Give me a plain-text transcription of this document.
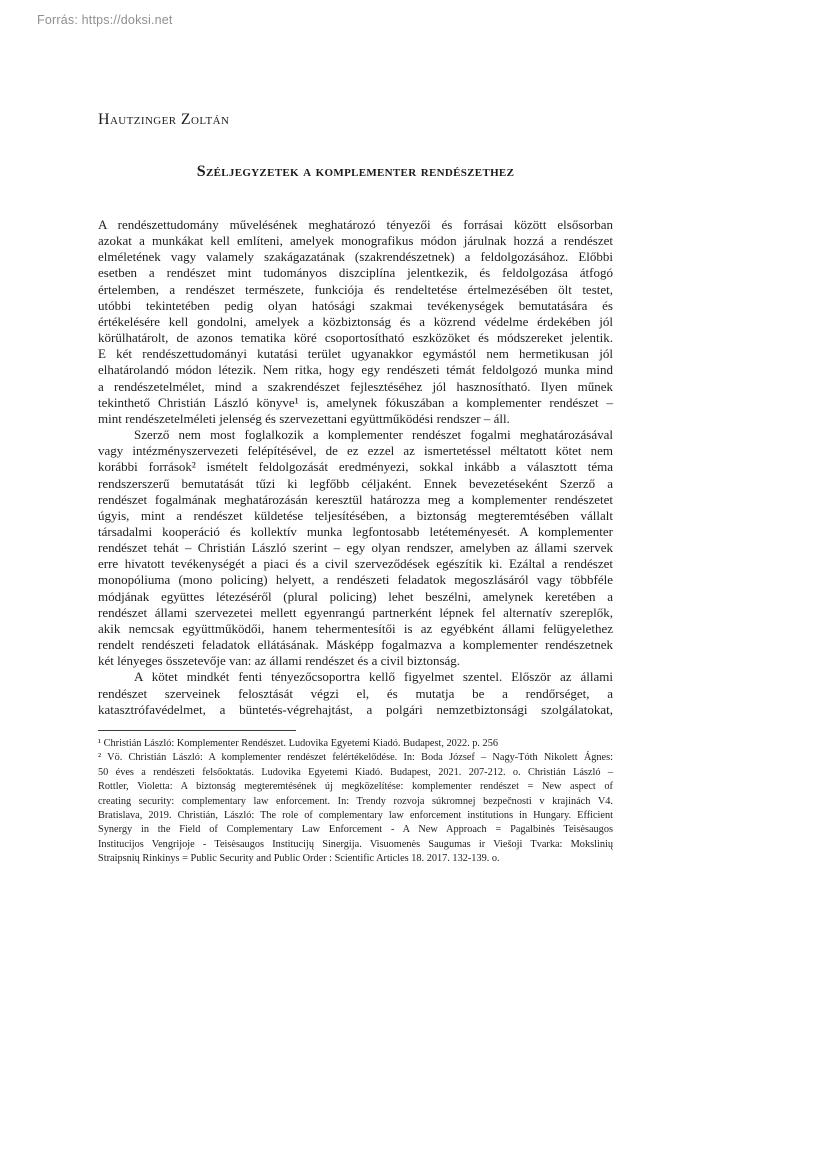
Forrás: https://doksi.net
Hautzinger Zoltán
Széljegyzetek a komplementer rendészethez
A rendészettudomány művelésének meghatározó tényezői és forrásai között elsősorban
azokat a munkákat kell említeni, amelyek monografikus módon járulnak hozzá a rendészet
elméletének vagy valamely szakágazatának (szakrendészetnek) a feldolgozásához. Előbbi
esetben a rendészet mint tudományos diszciplína jelentkezik, és feldolgozása átfogó
értelemben, a rendészet természete, funkciója és rendeltetése értelmezésében ölt testet,
utóbbi tekintetében pedig olyan hatósági szakmai tevékenységek bemutatására és
értékelésére kell gondolni, amelyek a közbiztonság és a közrend védelme érdekében jól
körülhatárolt, de azonos tematika köré csoportosítható eszközöket és módszereket jelentik.
E két rendészettudományi kutatási terület ugyanakkor egymástól nem hermetikusan jól
elhatárolandó módon létezik. Nem ritka, hogy egy rendészeti témát feldolgozó munka mind
a rendészetelmélet, mind a szakrendészet fejlesztéséhez jól hasznosítható. Ilyen műnek
tekinthető Christián László könyve¹ is, amelynek fókuszában a komplementer rendészet –
mint rendészetelméleti jelenség és szervezettani együttműködési rendszer – áll.
Szerző nem most foglalkozik a komplementer rendészet fogalmi meghatározásával
vagy intézményszervezeti felépítésével, de ez ezzel az ismertetéssel méltatott kötet nem
korábbi források² ismételt feldolgozását eredményezi, sokkal inkább a választott téma
rendszerszerű bemutatását tűzi ki legfőbb céljaként. Ennek bevezetéseként Szerző a
rendészet fogalmának meghatározásán keresztül határozza meg a komplementer rendészetet
úgyis, mint a rendészet küldetése teljesítésében, a biztonság megteremtésében vállalt
társadalmi kooperáció és kollektív munka legfontosabb letéteményesét. A komplementer
rendészet tehát – Christián László szerint – egy olyan rendszer, amelyben az állami szervek
erre hivatott tevékenységét a piaci és a civil szerveződések egészítik ki. Ezáltal a rendészet
monopóliuma (mono policing) helyett, a rendészeti feladatok megoszlásáról vagy többféle
módjának együttes létezéséről (plural policing) lehet beszélni, amelynek keretében a
rendészet állami szervezetei mellett egyenrangú partnerként lépnek fel alternatív szereplők,
akik nemcsak együttműködői, hanem tehermentesítői is az egyébként állami felügyelethez
rendelt rendészeti feladatok ellátásának. Másképp fogalmazva a komplementer rendészetnek
két lényeges összetevője van: az állami rendészet és a civil biztonság.
A kötet mindkét fenti tényezőcsoportra kellő figyelmet szentel. Először az állami
rendészet szerveinek felosztását végzi el, és mutatja be a rendőrséget, a
katasztrófavédelmet, a büntetés-végrehajtást, a polgári nemzetbiztonsági szolgálatokat,
¹ Christián László: Komplementer Rendészet. Ludovika Egyetemi Kiadó. Budapest, 2022. p. 256
² Vö. Christián László: A komplementer rendészet felértékelődése. In: Boda József – Nagy-Tóth Nikolett Ágnes:
50 éves a rendészeti felsőoktatás. Ludovika Egyetemi Kiadó. Budapest, 2021. 207-212. o. Christián László –
Rottler, Violetta: A biztonság megteremtésének új megközelítése: komplementer rendészet = New aspect of
creating security: complementary law enforcement. In: Trendy rozvoja súkromnej bezpečnosti v krajinách V4.
Bratislava, 2019. Christián, László: The role of complementary law enforcement institutions in Hungary. Efficient
Synergy in the Field of Complementary Law Enforcement - A New Approach = Pagalbinės Teisėsaugos
Institucijos Vengrijoje - Teisėsaugos Institucijų Sinergija. Visuomenės Saugumas ir Viešoji Tvarka: Mokslinių
Straipsnių Rinkinys = Public Security and Public Order : Scientific Articles 18. 2017. 132-139. o.
